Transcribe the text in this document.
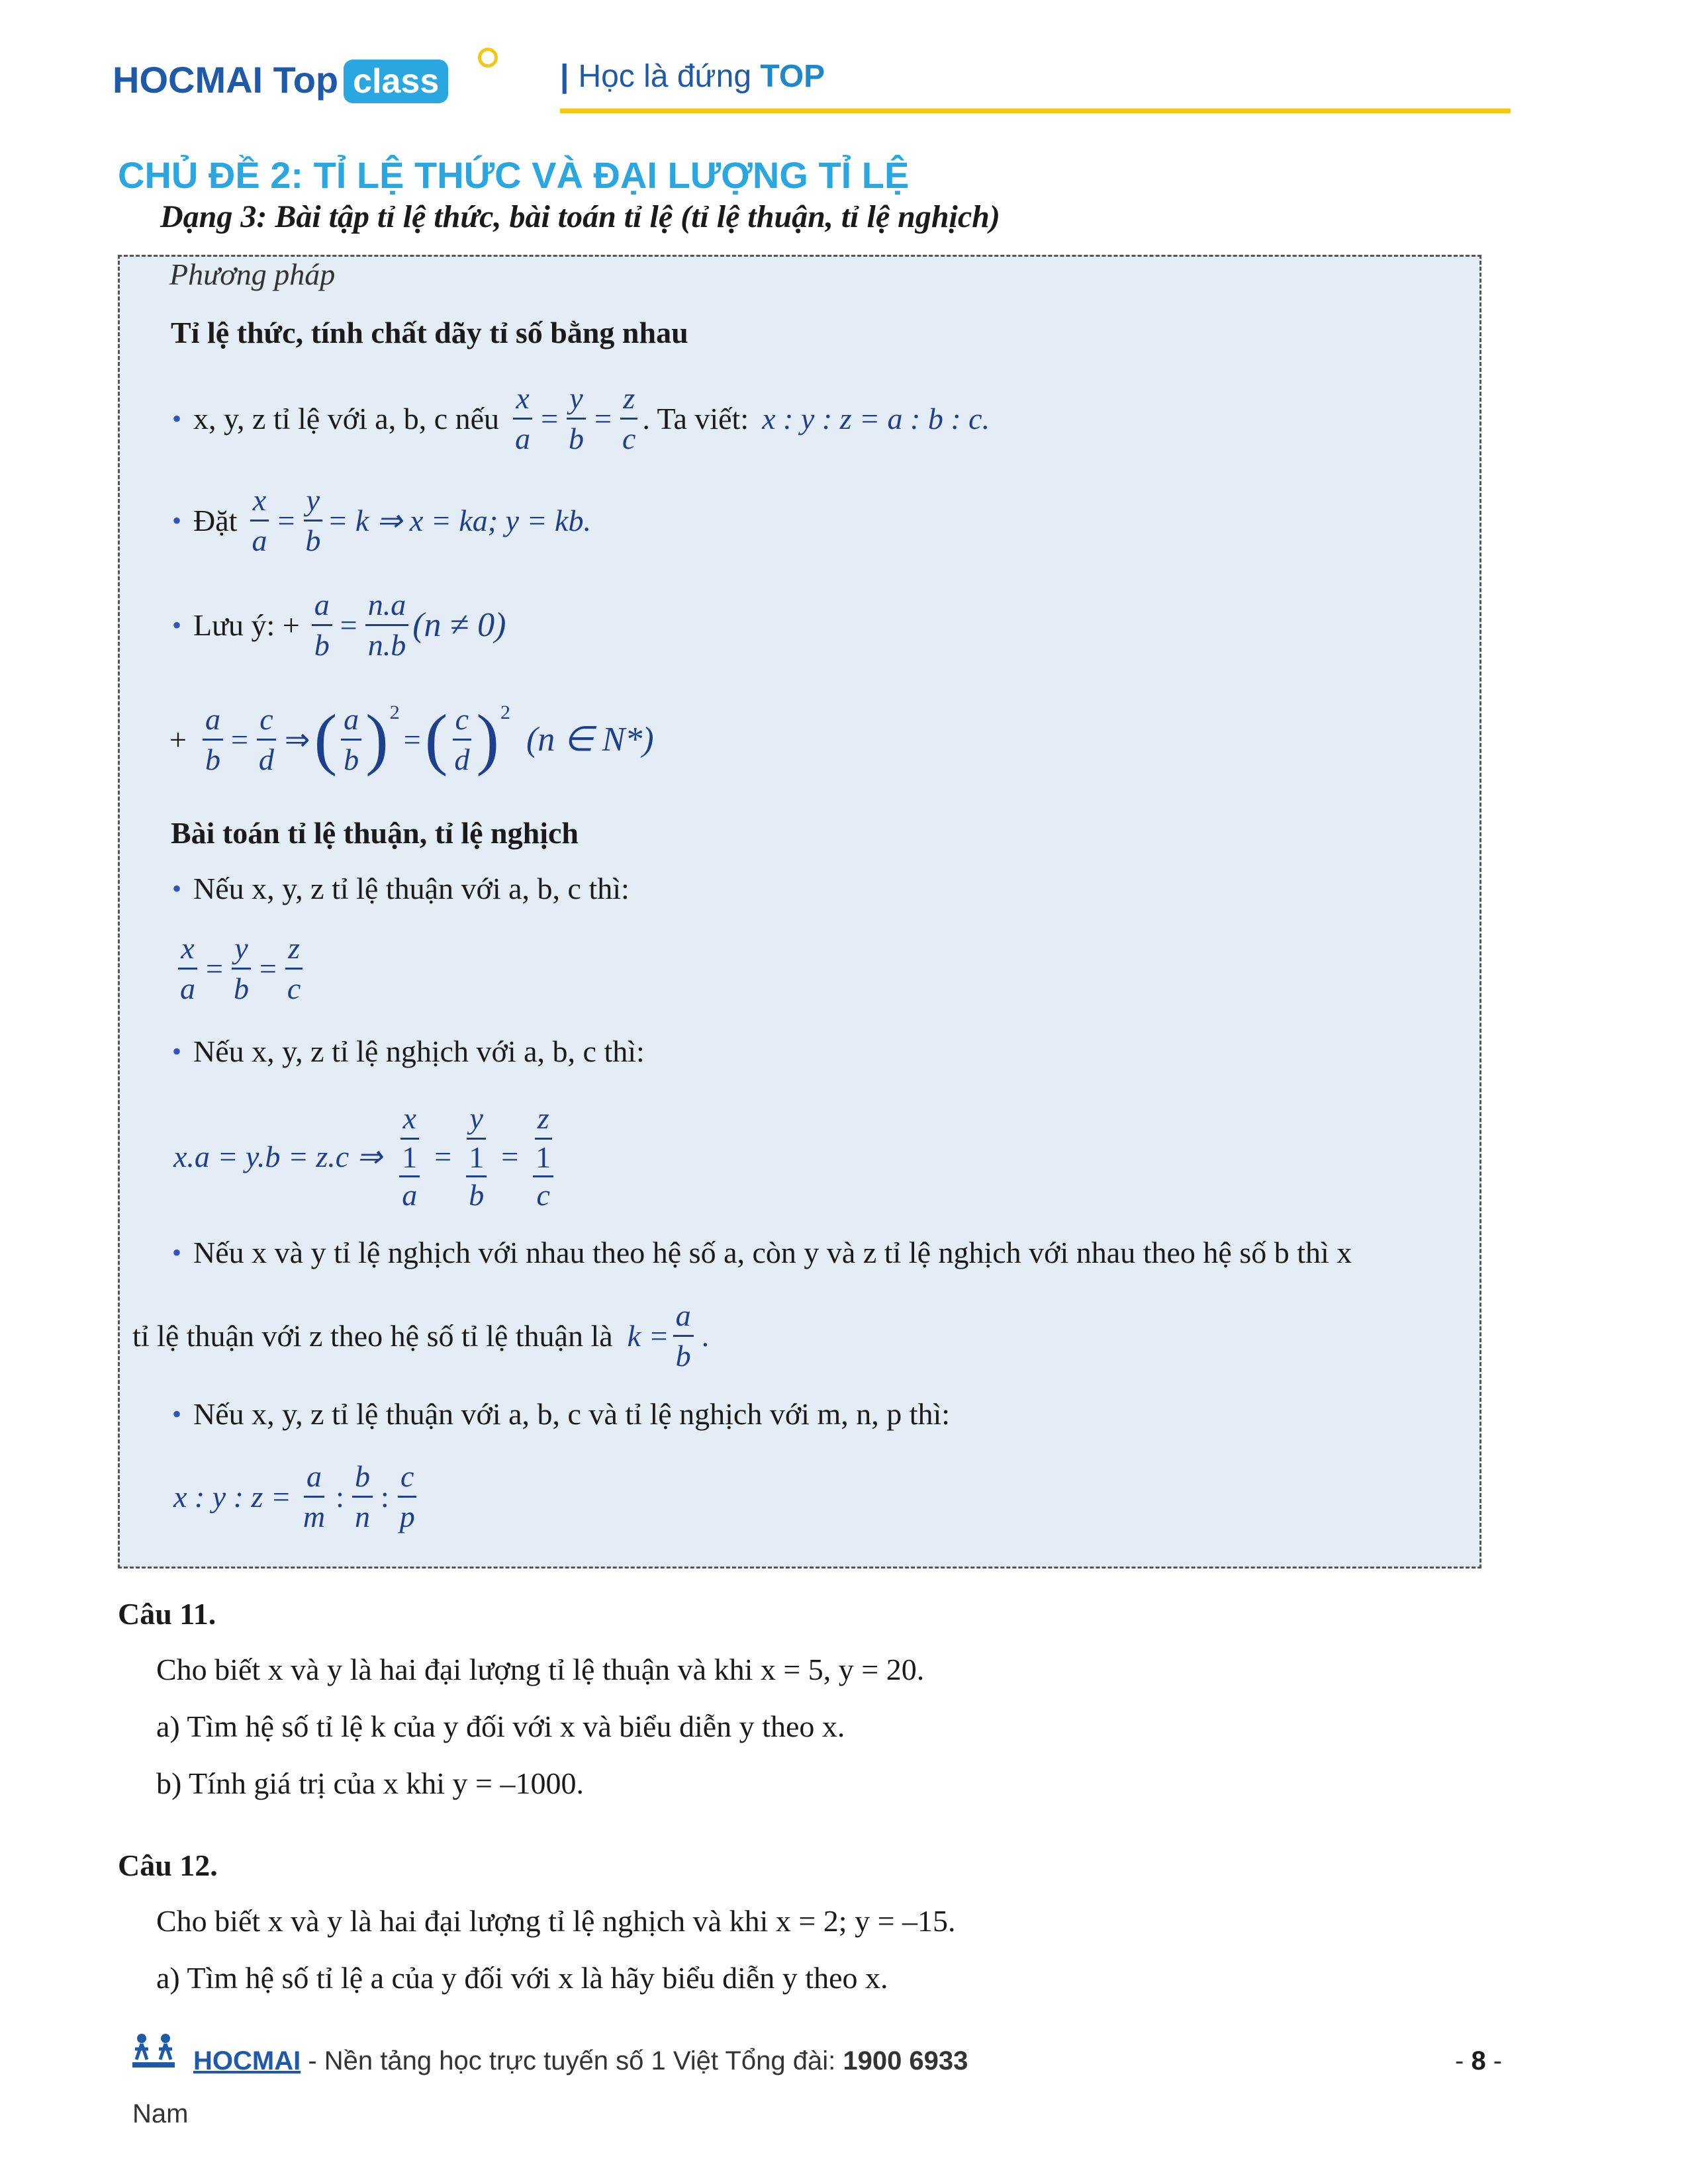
HOCMAI Top class	| Học là đứng TOP
CHỦ ĐỀ 2: TỈ LỆ THỨC VÀ ĐẠI LƯỢNG TỈ LỆ
Dạng 3: Bài tập tỉ lệ thức, bài toán tỉ lệ (tỉ lệ thuận, tỉ lệ nghịch)
Phương pháp
Tỉ lệ thức, tính chất dãy tỉ số bằng nhau
• x, y, z tỉ lệ với a, b, c nếu $\frac{x}{a} = \frac{y}{b} = \frac{z}{c}$ . Ta viết: x : y : z = a : b : c.
• Đặt $\frac{x}{a} = \frac{y}{b} = k$ ⇒ x = ka; y = kb.
• Lưu ý: + $\frac{a}{b} = \frac{n.a}{n.b} (n \ne 0)$
+ $\frac{a}{b} = \frac{c}{d}$ ⇒ ( $\frac{a}{b}$ ) 2
= ( $\frac{c}{d}$ ) 2
(n ∈ N*)
Bài toán tỉ lệ thuận, tỉ lệ nghịch
• Nếu x, y, z tỉ lệ thuận với a, b, c thì:
$\frac{x}{a} = \frac{y}{b} = \frac{z}{c}$
• Nếu x, y, z tỉ lệ nghịch với a, b, c thì:
x.a = y.b = z.c ⇒ $\frac{x}{\frac{1}{a}} = \frac{y}{\frac{1}{b}} = \frac{z}{\frac{1}{c}}$
• Nếu x và y tỉ lệ nghịch với nhau theo hệ số a, còn y và z tỉ lệ nghịch với nhau theo hệ số b thì x
tỉ lệ thuận với z theo hệ số tỉ lệ thuận là $k = \frac{a}{b}$ .
• Nếu x, y, z tỉ lệ thuận với a, b, c và tỉ lệ nghịch với m, n, p thì:
x : y : $z = \frac{a}{m}$ : $\frac{b}{n}$ : $\frac{c}{p}$
Câu 11.
Cho biết x và y là hai đại lượng tỉ lệ thuận và khi x = 5, y = 20.
a) Tìm hệ số tỉ lệ k của y đối với x và biểu diễn y theo x.
b) Tính giá trị của x khi y = –1000.
Câu 12.
Cho biết x và y là hai đại lượng tỉ lệ nghịch và khi x = 2; y = –15.
a) Tìm hệ số tỉ lệ a của y đối với x là hãy biểu diễn y theo x.
HOCMAI - Nền tảng học trực tuyến số 1 Việt Tổng đài: 1900 6933	- 8 -
Nam
